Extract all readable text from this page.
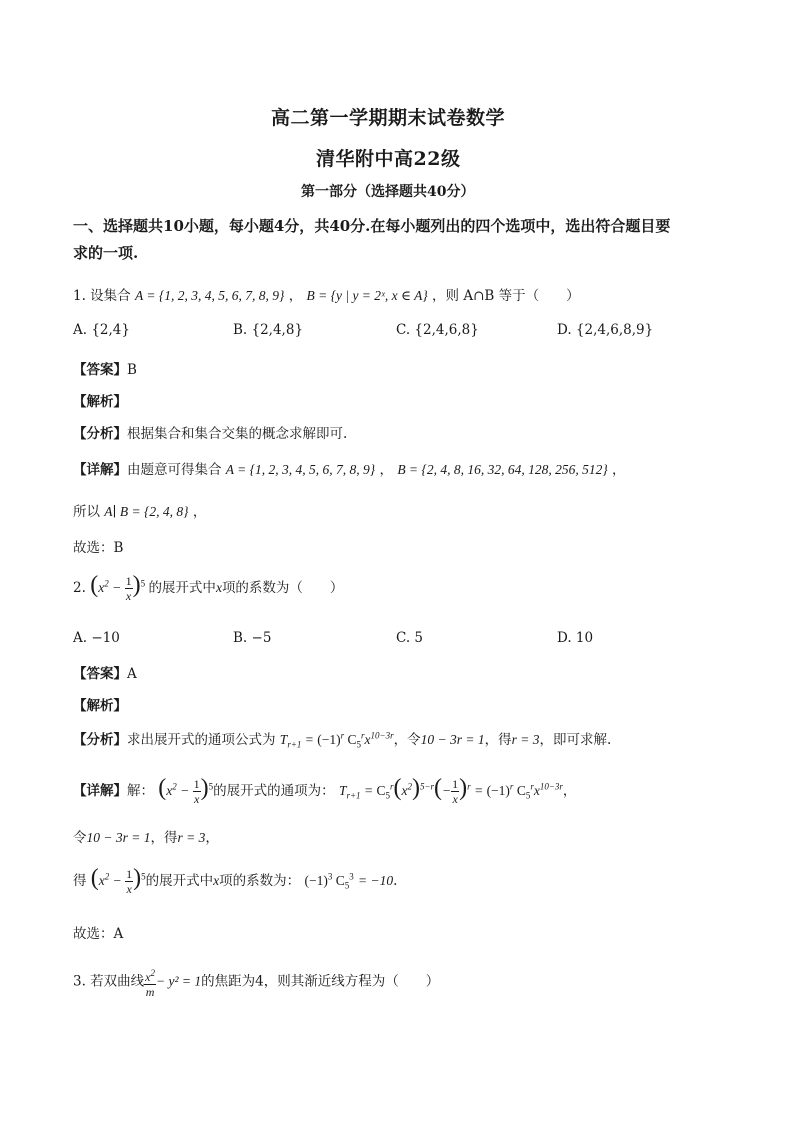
高二第一学期期末试卷数学
清华附中高22级
第一部分（选择题共40分）
一、选择题共10小题，每小题4分，共40分.在每小题列出的四个选项中，选出符合题目要
求的一项.
1. 设集合 A = {1, 2, 3, 4, 5, 6, 7, 8, 9} ， B = {y | y = 2ˣ, x ∈ A} ，则 A∩B 等于（　　）
A. {2,4}	B. {2,4,8}	C. {2,4,6,8}	D. {2,4,6,8,9}
【答案】B
【解析】
【分析】根据集合和集合交集的概念求解即可.
【详解】由题意可得集合 A = {1, 2, 3, 4, 5, 6, 7, 8, 9} ， B = {2, 4, 8, 16, 32, 64, 128, 256, 512} ，
所以 A∣ B = {2, 4, 8} ，
故选：B
2. $(x^2 - \frac{1}{x} )^5$ 的展开式中x项的系数为（　　）
A. −10	B. −5	C. 5	D. 10
【答案】A
【解析】
【分析】求出展开式的通项公式为 $T_{r+1} = (-1)^r$ $C_5^rx^{10-3r}$，令10 − 3r = 1，得r = 3，即可求解.
【详解】解： $(x^2 - \frac{1}{x} )^5$的展开式的通项为： $T_{r+1} = C_5^r(x^2)^{5-r}(- \frac{1}{x} )^r = (-1)^r$ $C_5^rx^{10-3r}$，
令10 − 3r = 1，得r = 3，
得 $(x^2 - \frac{1}{x} )^5$的展开式中x项的系数为： $(-1)^3$ $C_5^3 = -10$.
故选：A
3. 若双曲线 $\frac{x^2}{m} - y^2 = 1$的焦距为4，则其渐近线方程为（　　）
